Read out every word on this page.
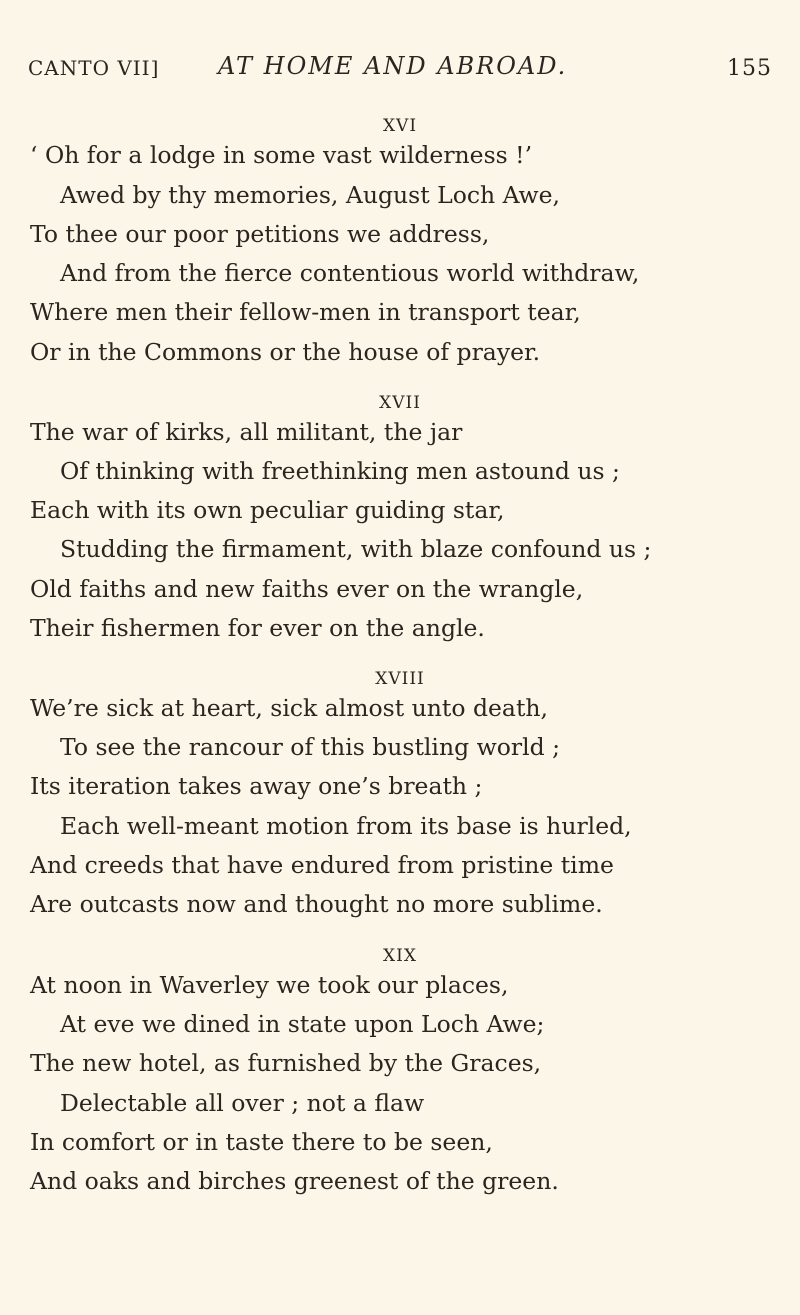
CANTO VII] AT HOME AND ABROAD.	155
XVI
‘ Oh for a lodge in some vast wilderness !’
Awed by thy memories, August Loch Awe,
To thee our poor petitions we address,
And from the fierce contentious world withdraw,
Where men their fellow-men in transport tear,
Or in the Commons or the house of prayer.
XVII
The war of kirks, all militant, the jar
Of thinking with freethinking men astound us ;
Each with its own peculiar guiding star,
Studding the firmament, with blaze confound us ;
Old faiths and new faiths ever on the wrangle,
Their fishermen for ever on the angle.
XVIII
We’re sick at heart, sick almost unto death,
To see the rancour of this bustling world ;
Its iteration takes away one’s breath ;
Each well-meant motion from its base is hurled,
And creeds that have endured from pristine time
Are outcasts now and thought no more sublime.
XIX
At noon in Waverley we took our places,
At eve we dined in state upon Loch Awe;
The new hotel, as furnished by the Graces,
Delectable all over ; not a flaw
In comfort or in taste there to be seen,
And oaks and birches greenest of the green.
